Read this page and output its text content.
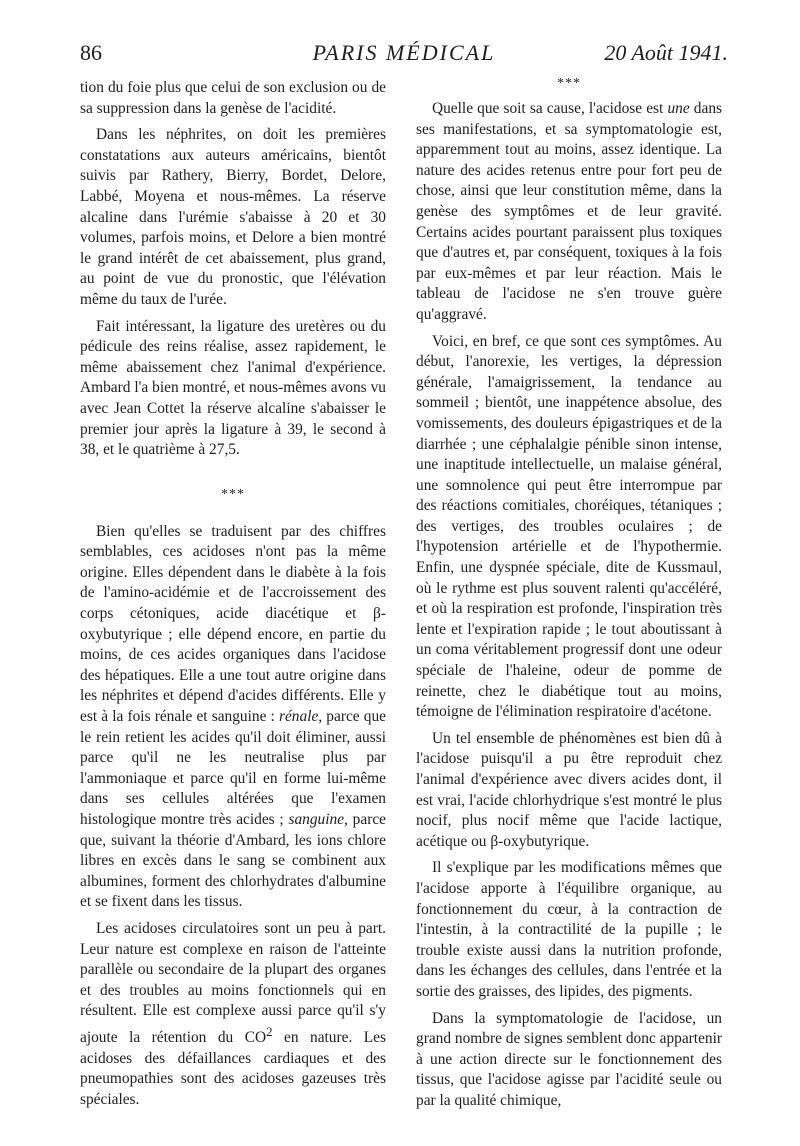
86	PARIS MÉDICAL	20 Août 1941.

tion du foie plus que celui de son exclusion ou de sa suppression dans la genèse de l'acidité.

Dans les néphrites, on doit les premières constatations aux auteurs américains, bientôt suivis par Rathery, Bierry, Bordet, Delore, Labbé, Moyena et nous-mêmes. La réserve alcaline dans l'urémie s'abaisse à 20 et 30 volumes, parfois moins, et Delore a bien montré le grand intérêt de cet abaissement, plus grand, au point de vue du pronostic, que l'élévation même du taux de l'urée.

Fait intéressant, la ligature des uretères ou du pédicule des reins réalise, assez rapidement, le même abaissement chez l'animal d'expérience. Ambard l'a bien montré, et nous-mêmes avons vu avec Jean Cottet la réserve alcaline s'abaisser le premier jour après la ligature à 39, le second à 38, et le quatrième à 27,5.

***

Bien qu'elles se traduisent par des chiffres semblables, ces acidoses n'ont pas la même origine. Elles dépendent dans le diabète à la fois de l'amino-acidémie et de l'accroissement des corps cétoniques, acide diacétique et β-oxybutyrique ; elle dépend encore, en partie du moins, de ces acides organiques dans l'acidose des hépatiques. Elle a une tout autre origine dans les néphrites et dépend d'acides différents. Elle y est à la fois rénale et sanguine : rénale, parce que le rein retient les acides qu'il doit éliminer, aussi parce qu'il ne les neutralise plus par l'ammoniaque et parce qu'il en forme lui-même dans ses cellules altérées que l'examen histologique montre très acides ; sanguine, parce que, suivant la théorie d'Ambard, les ions chlore libres en excès dans le sang se combinent aux albumines, forment des chlorhydrates d'albumine et se fixent dans les tissus.

Les acidoses circulatoires sont un peu à part. Leur nature est complexe en raison de l'atteinte parallèle ou secondaire de la plupart des organes et des troubles au moins fonctionnels qui en résultent. Elle est complexe aussi parce qu'il s'y ajoute la rétention du $CO^2$ en nature. Les acidoses des défaillances cardiaques et des pneumopathies sont des acidoses gazeuses très spéciales.

***

Quelle que soit sa cause, l'acidose est une dans ses manifestations, et sa symptomatologie est, apparemment tout au moins, assez identique. La nature des acides retenus entre pour fort peu de chose, ainsi que leur constitution même, dans la genèse des symptômes et de leur gravité. Certains acides pourtant paraissent plus toxiques que d'autres et, par conséquent, toxiques à la fois par eux-mêmes et par leur réaction. Mais le tableau de l'acidose ne s'en trouve guère qu'aggravé.

Voici, en bref, ce que sont ces symptômes. Au début, l'anorexie, les vertiges, la dépression générale, l'amaigrissement, la tendance au sommeil ; bientôt, une inappétence absolue, des vomissements, des douleurs épigastriques et de la diarrhée ; une céphalalgie pénible sinon intense, une inaptitude intellectuelle, un malaise général, une somnolence qui peut être interrompue par des réactions comitiales, choréiques, tétaniques ; des vertiges, des troubles oculaires ; de l'hypotension artérielle et de l'hypothermie. Enfin, une dyspnée spéciale, dite de Kussmaul, où le rythme est plus souvent ralenti qu'accéléré, et où la respiration est profonde, l'inspiration très lente et l'expiration rapide ; le tout aboutissant à un coma véritablement progressif dont une odeur spéciale de l'haleine, odeur de pomme de reinette, chez le diabétique tout au moins, témoigne de l'élimination respiratoire d'acétone.

Un tel ensemble de phénomènes est bien dû à l'acidose puisqu'il a pu être reproduit chez l'animal d'expérience avec divers acides dont, il est vrai, l'acide chlorhydrique s'est montré le plus nocif, plus nocif même que l'acide lactique, acétique ou β-oxybutyrique.

Il s'explique par les modifications mêmes que l'acidose apporte à l'équilibre organique, au fonctionnement du cœur, à la contraction de l'intestin, à la contractilité de la pupille ; le trouble existe aussi dans la nutrition profonde, dans les échanges des cellules, dans l'entrée et la sortie des graisses, des lipides, des pigments.

Dans la symptomatologie de l'acidose, un grand nombre de signes semblent donc appartenir à une action directe sur le fonctionnement des tissus, que l'acidose agisse par l'acidité seule ou par la qualité chimique,
